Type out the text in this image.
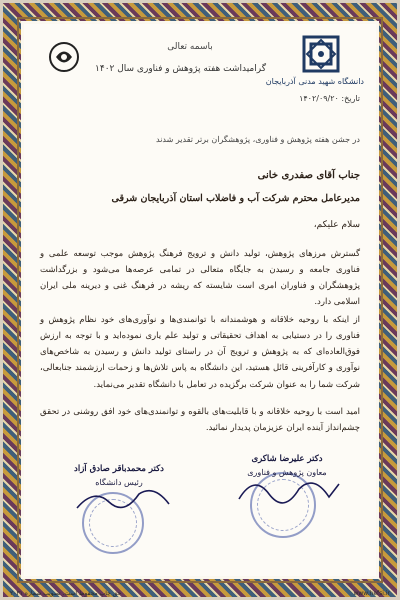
دانشگاه شهید مدنی آذربایجان
باسمه تعالی
گرامیداشت هفته پژوهش و فناوری سال ۱۴۰۲
تاریخ: ۱۴۰۲/۰۹/۲۰
در جشن هفته پژوهش و فناوری، پژوهشگران برتر تقدیر شدند
جناب آقای صفدری خانی
مدیرعامل محترم شرکت آب و فاضلاب استان آذربایجان شرقی
سلام علیکم،
گسترش مرزهای پژوهش، تولید دانش و ترویج فرهنگ پژوهش موجب توسعه علمی و فناوری جامعه و رسیدن به جایگاه متعالی در تمامی عرصه‌ها می‌شود و بزرگداشت پژوهشگران و فناوران امری است شایسته که ریشه در فرهنگ غنی و دیرینه ملی ایران اسلامی دارد.
از اینکه با روحیه خلاقانه و هوشمندانه با توانمندی‌ها و نوآوری‌های خود نظام پژوهش و فناوری را در دستیابی به اهداف تحقیقاتی و تولید علم یاری نموده‌اید و با توجه به ارزش فوق‌العاده‌ای که به پژوهش و ترویج آن در راستای تولید دانش و رسیدن به شاخص‌های نوآوری و کارآفرینی قائل هستید، این دانشگاه به پاس تلاش‌ها و زحمات ارزشمند جنابعالی، شرکت شما را به عنوان شرکت برگزیده در تعامل با دانشگاه تقدیر می‌نماید.
امید است با روحیه خلاقانه و با قابلیت‌های بالقوه و توانمندی‌های خود افق روشنی در تحقق چشم‌انداز آینده ایران عزیزمان پدیدار نمائید.
دکتر علیرضا شاکری
معاون پژوهش و فناوری
دکتر محمدباقر صادق آزاد
رئیس دانشگاه
حق چاپ محفوظ است. تصویب شماره ۲۰۳۱	www.hefsi.ir
